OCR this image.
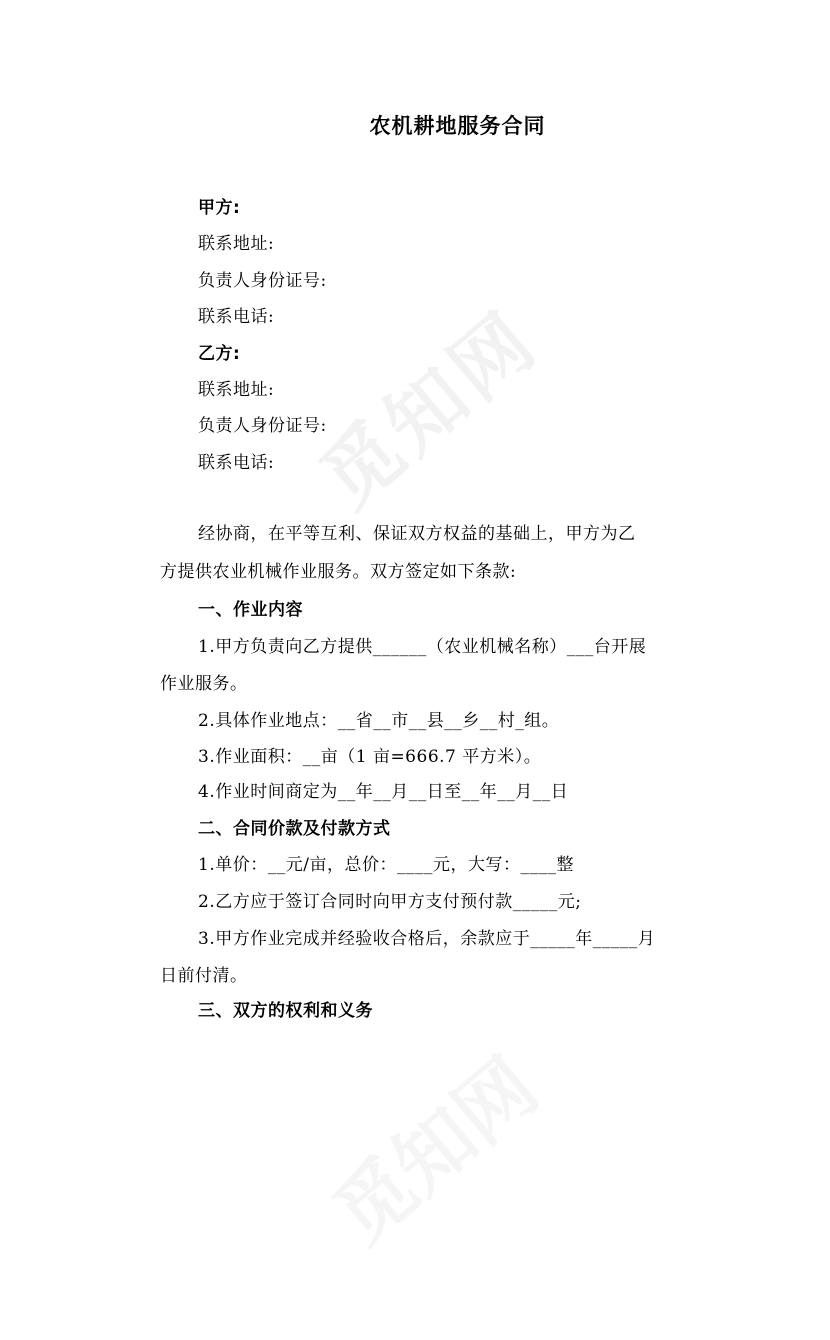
觅知网
觅知网
农机耕地服务合同
甲方:
联系地址:
负责人身份证号:
联系电话:
乙方:
联系地址:
负责人身份证号:
联系电话:
经协商，在平等互利、保证双方权益的基础上，甲方为乙
方提供农业机械作业服务。双方签定如下条款:
一、作业内容
1.甲方负责向乙方提供______（农业机械名称）___台开展
作业服务。
2.具体作业地点：__省__市__县__乡__村_组。
3.作业面积：__亩（1 亩=666.7 平方米）。
4.作业时间商定为__年__月__日至__年__月__日
二、合同价款及付款方式
1.单价：__元/亩，总价：____元，大写：____整
2.乙方应于签订合同时向甲方支付预付款_____元;
3.甲方作业完成并经验收合格后，余款应于_____年_____月
日前付清。
三、双方的权利和义务
